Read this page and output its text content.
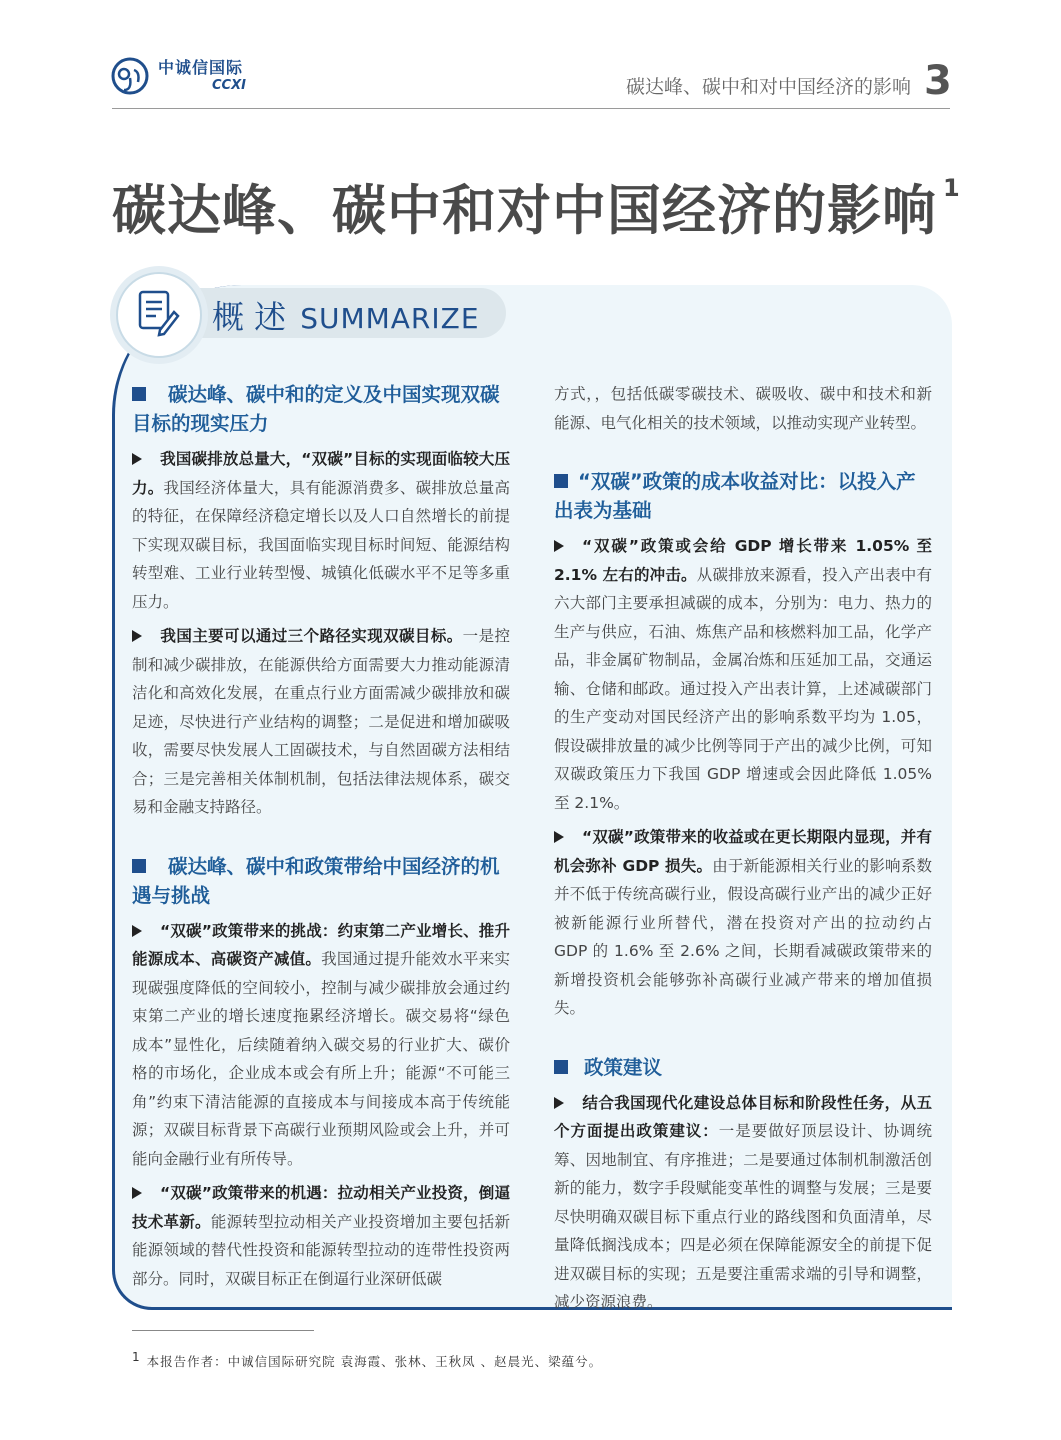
中诚信国际
CCXI	碳达峰、碳中和对中国经济的影响 3
碳达峰、碳中和对中国经济的影响 $^1$
概 述 SUMMARIZE
碳达峰、碳中和的定义及中国实现双碳目标的现实压力

我国碳排放总量大，“双碳”目标的实现面临较大压力。我国经济体量大，具有能源消费多、碳排放总量高的特征，在保障经济稳定增长以及人口自然增长的前提下实现双碳目标，我国面临实现目标时间短、能源结构转型难、工业行业转型慢、城镇化低碳水平不足等多重压力。

我国主要可以通过三个路径实现双碳目标。一是控制和减少碳排放，在能源供给方面需要大力推动能源清洁化和高效化发展，在重点行业方面需减少碳排放和碳足迹，尽快进行产业结构的调整；二是促进和增加碳吸收，需要尽快发展人工固碳技术，与自然固碳方法相结合；三是完善相关体制机制，包括法律法规体系，碳交易和金融支持路径。

碳达峰、碳中和政策带给中国经济的机遇与挑战

“双碳”政策带来的挑战：约束第二产业增长、推升能源成本、高碳资产减值。我国通过提升能效水平来实现碳强度降低的空间较小，控制与减少碳排放会通过约束第二产业的增长速度拖累经济增长。碳交易将“绿色成本”显性化，后续随着纳入碳交易的行业扩大、碳价格的市场化，企业成本或会有所上升；能源“不可能三角”约束下清洁能源的直接成本与间接成本高于传统能源；双碳目标背景下高碳行业预期风险或会上升，并可能向金融行业有所传导。

“双碳”政策带来的机遇：拉动相关产业投资，倒逼技术革新。能源转型拉动相关产业投资增加主要包括新能源领域的替代性投资和能源转型拉动的连带性投资两部分。同时，双碳目标正在倒逼行业深研低碳

方式，，包括低碳零碳技术、碳吸收、碳中和技术和新能源、电气化相关的技术领域，以推动实现产业转型。

“双碳”政策的成本收益对比：以投入产出表为基础

“双碳”政策或会给 GDP 增长带来 1.05% 至 2.1% 左右的冲击。从碳排放来源看，投入产出表中有六大部门主要承担减碳的成本，分别为：电力、热力的生产与供应，石油、炼焦产品和核燃料加工品，化学产品，非金属矿物制品，金属冶炼和压延加工品，交通运输、仓储和邮政。通过投入产出表计算，上述减碳部门的生产变动对国民经济产出的影响系数平均为 1.05，假设碳排放量的减少比例等同于产出的减少比例，可知双碳政策压力下我国 GDP 增速或会因此降低 1.05% 至 2.1%。

“双碳”政策带来的收益或在更长期限内显现，并有机会弥补 GDP 损失。由于新能源相关行业的影响系数并不低于传统高碳行业，假设高碳行业产出的减少正好被新能源行业所替代，潜在投资对产出的拉动约占 GDP 的 1.6% 至 2.6% 之间，长期看减碳政策带来的新增投资机会能够弥补高碳行业减产带来的增加值损失。

政策建议

结合我国现代化建设总体目标和阶段性任务，从五个方面提出政策建议：一是要做好顶层设计、协调统筹、因地制宜、有序推进；二是要通过体制机制激活创新的能力，数字手段赋能变革性的调整与发展；三是要尽快明确双碳目标下重点行业的路线图和负面清单，尽量降低搁浅成本；四是必须在保障能源安全的前提下促进双碳目标的实现；五是要注重需求端的引导和调整，减少资源浪费。

$^1$ 本报告作者：中诚信国际研究院 袁海霞、张林、王秋凤 、赵晨光、梁蕴兮。
